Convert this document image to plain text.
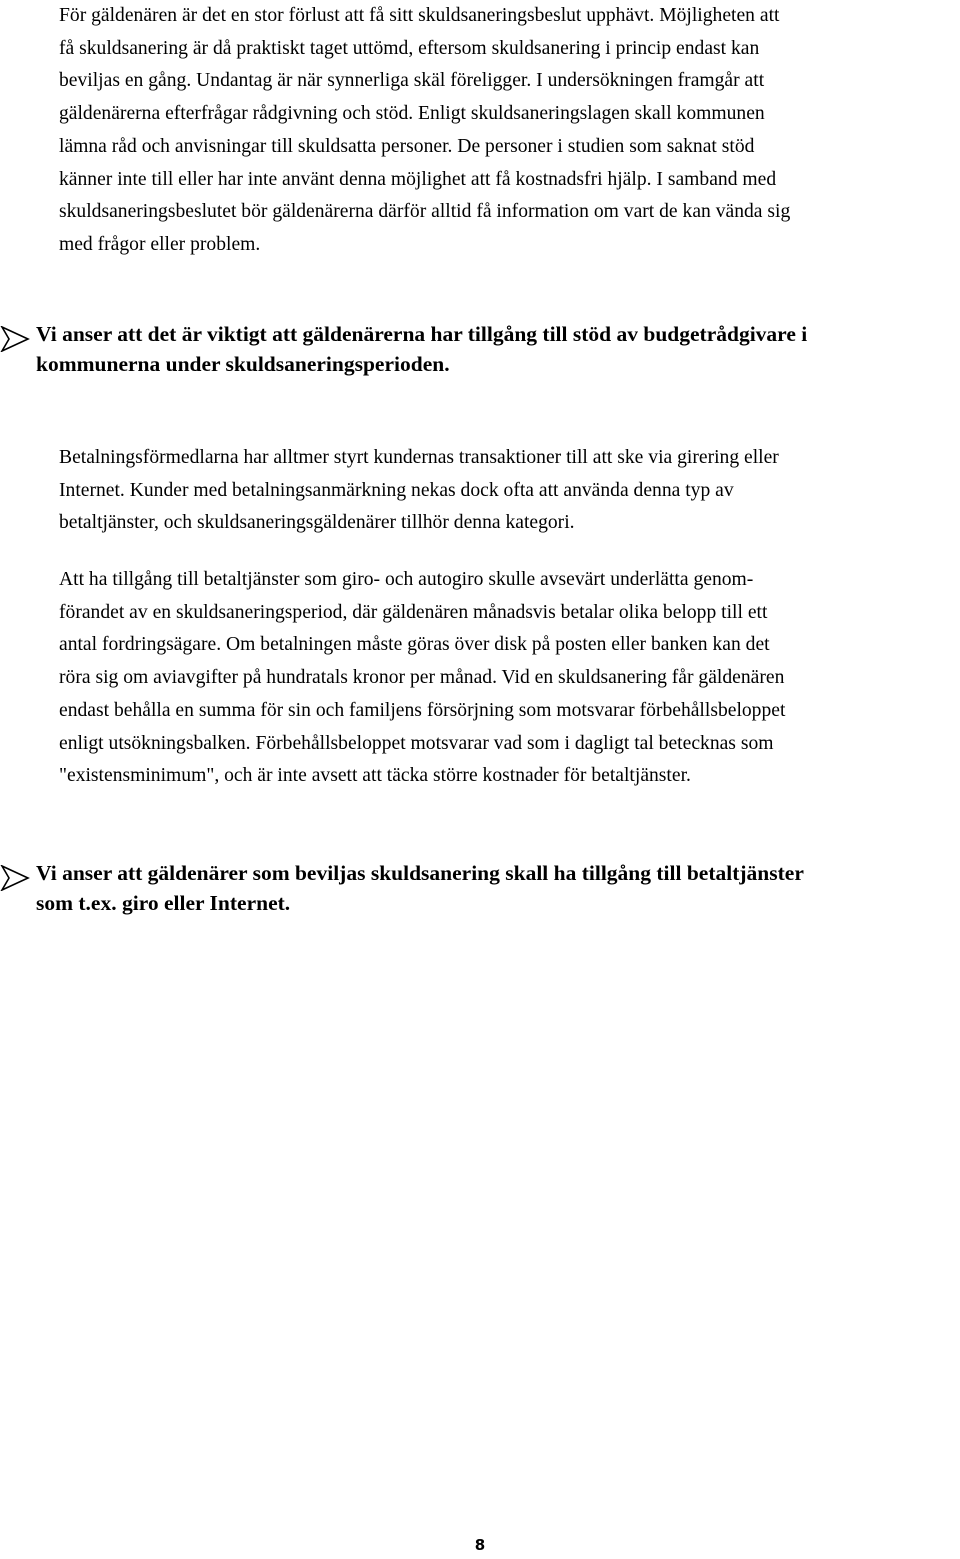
För gäldenären är det en stor förlust att få sitt skuldsaneringsbeslut upphävt. Möjligheten att
få skuldsanering är då praktiskt taget uttömd, eftersom skuldsanering i princip endast kan
beviljas en gång. Undantag är när synnerliga skäl föreligger. I undersökningen framgår att
gäldenärerna efterfrågar rådgivning och stöd. Enligt skuldsaneringslagen skall kommunen
lämna råd och anvisningar till skuldsatta personer. De personer i studien som saknat stöd
känner inte till eller har inte använt denna möjlighet att få kostnadsfri hjälp. I samband med
skuldsaneringsbeslutet bör gäldenärerna därför alltid få information om vart de kan vända sig
med frågor eller problem.

Vi anser att det är viktigt att gäldenärerna har tillgång till stöd av budgetrådgivare i
kommunerna under skuldsaneringsperioden.

Betalningsförmedlarna har alltmer styrt kundernas transaktioner till att ske via girering eller
Internet. Kunder med betalningsanmärkning nekas dock ofta att använda denna typ av
betaltjänster, och skuldsaneringsgäldenärer tillhör denna kategori.

Att ha tillgång till betaltjänster som giro- och autogiro skulle avsevärt underlätta genom-
förandet av en skuldsaneringsperiod, där gäldenären månadsvis betalar olika belopp till ett
antal fordringsägare. Om betalningen måste göras över disk på posten eller banken kan det
röra sig om aviavgifter på hundratals kronor per månad. Vid en skuldsanering får gäldenären
endast behålla en summa för sin och familjens försörjning som motsvarar förbehållsbeloppet
enligt utsökningsbalken. Förbehållsbeloppet motsvarar vad som i dagligt tal betecknas som
"existensminimum", och är inte avsett att täcka större kostnader för betaltjänster.

Vi anser att gäldenärer som beviljas skuldsanering skall ha tillgång till betaltjänster
som t.ex. giro eller Internet.

8
